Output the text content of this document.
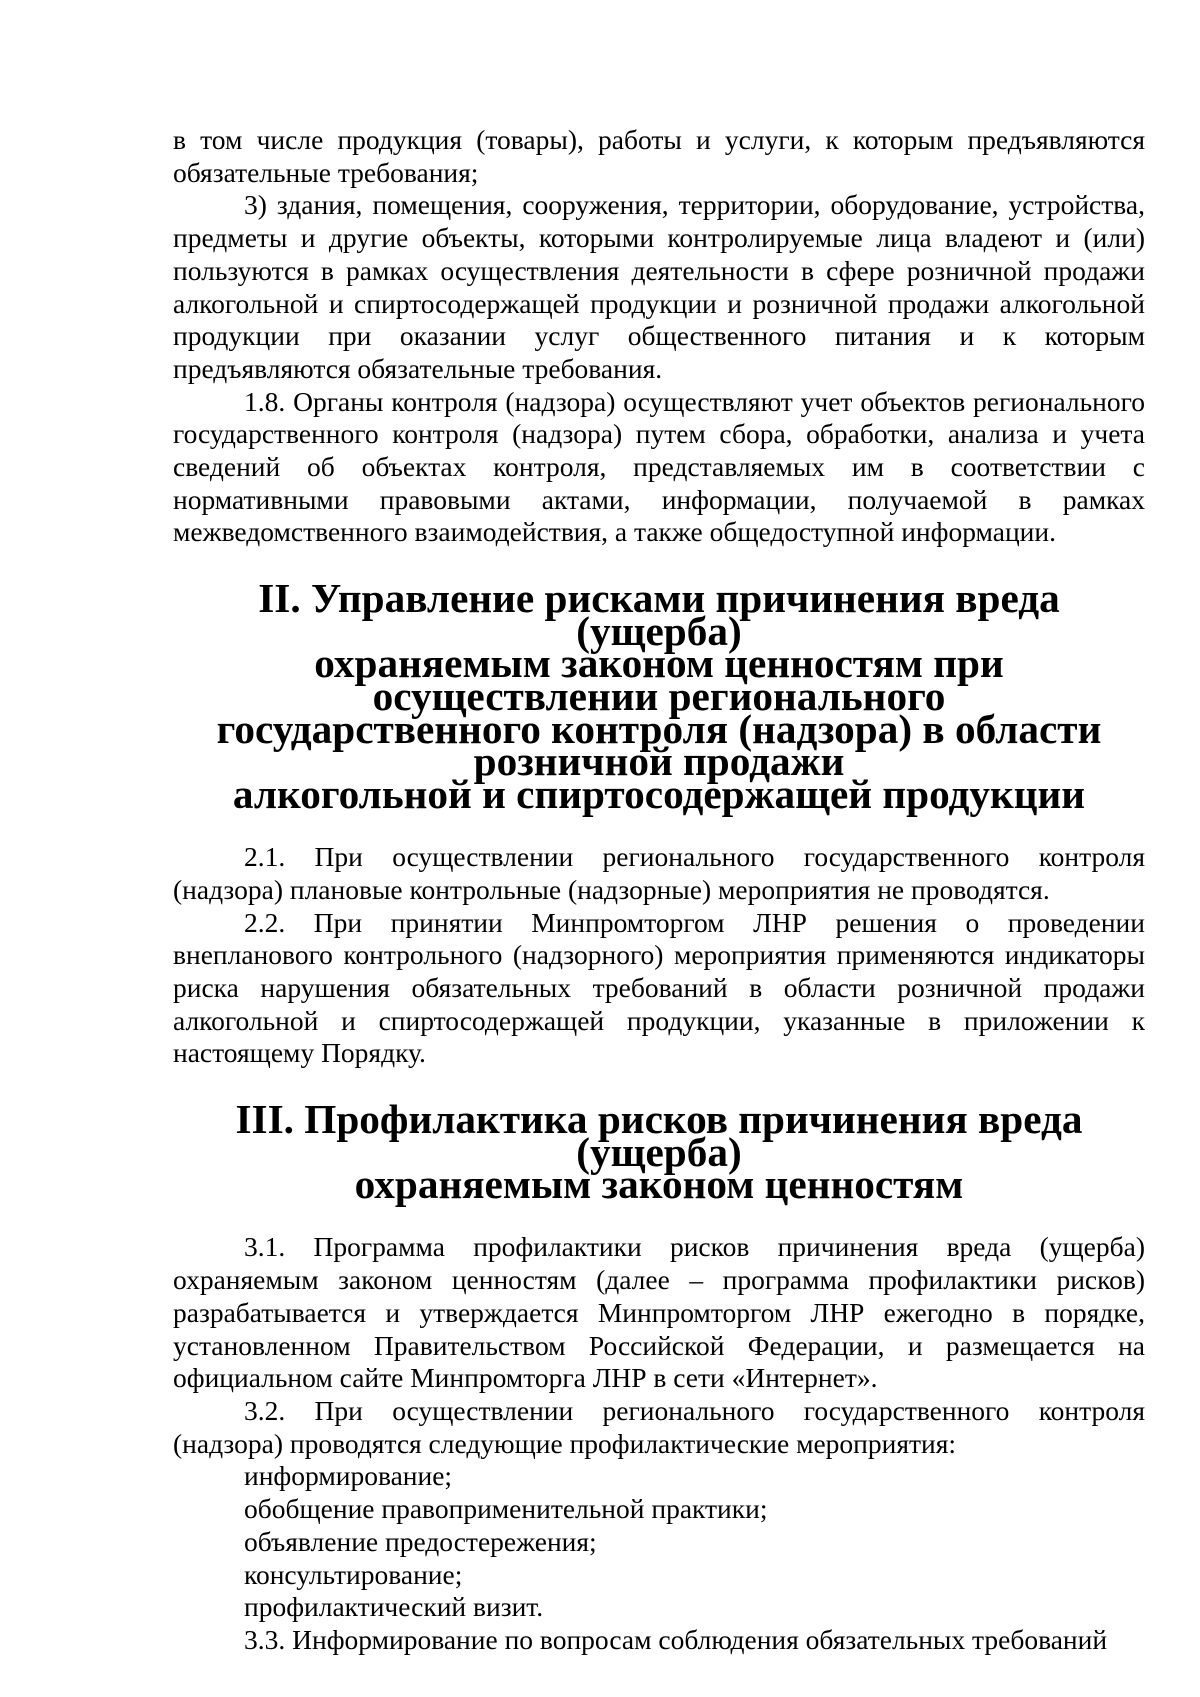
в том числе продукция (товары), работы и услуги, к которым предъявляются обязательные требования;

3) здания, помещения, сооружения, территории, оборудование, устройства, предметы и другие объекты, которыми контролируемые лица владеют и (или) пользуются в рамках осуществления деятельности в сфере розничной продажи алкогольной и спиртосодержащей продукции и розничной продажи алкогольной продукции при оказании услуг общественного питания и к которым предъявляются обязательные требования.

1.8. Органы контроля (надзора) осуществляют учет объектов регионального государственного контроля (надзора) путем сбора, обработки, анализа и учета сведений об объектах контроля, представляемых им в соответствии с нормативными правовыми актами, информации, получаемой в рамках межведомственного взаимодействия, а также общедоступной информации.

II. Управление рисками причинения вреда (ущерба)
охраняемым законом ценностям при осуществлении регионального
государственного контроля (надзора) в области розничной продажи
алкогольной и спиртосодержащей продукции

2.1. При осуществлении регионального государственного контроля (надзора) плановые контрольные (надзорные) мероприятия не проводятся.

2.2. При принятии Минпромторгом ЛНР решения о проведении внепланового контрольного (надзорного) мероприятия применяются индикаторы риска нарушения обязательных требований в области розничной продажи алкогольной и спиртосодержащей продукции, указанные в приложении к настоящему Порядку.

III. Профилактика рисков причинения вреда (ущерба)
охраняемым законом ценностям

3.1. Программа профилактики рисков причинения вреда (ущерба) охраняемым законом ценностям (далее – программа профилактики рисков) разрабатывается и утверждается Минпромторгом ЛНР ежегодно в порядке, установленном Правительством Российской Федерации, и размещается на официальном сайте Минпромторга ЛНР в сети «Интернет».

3.2. При осуществлении регионального государственного контроля (надзора) проводятся следующие профилактические мероприятия:

информирование;

обобщение правоприменительной практики;

объявление предостережения;

консультирование;

профилактический визит.

3.3. Информирование по вопросам соблюдения обязательных требований
